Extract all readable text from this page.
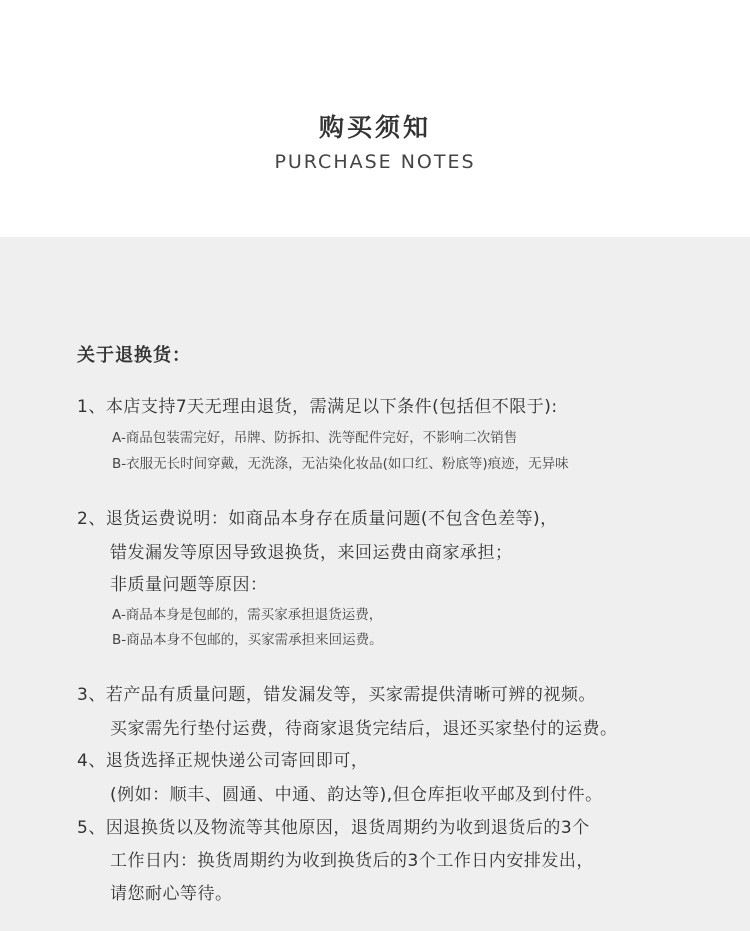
购买须知
PURCHASE NOTES
关于退换货：
1、本店支持7天无理由退货，需满足以下条件(包括但不限于):
A-商品包装需完好，吊牌、防拆扣、洗等配件完好，不影响二次销售
B-衣服无长时间穿戴，无洗涤，无沾染化妆品(如口红、粉底等)痕迹，无异味
2、退货运费说明：如商品本身存在质量问题(不包含色差等)，
错发漏发等原因导致退换货，来回运费由商家承担；
非质量问题等原因：
A-商品本身是包邮的，需买家承担退货运费，
B-商品本身不包邮的，买家需承担来回运费。
3、若产品有质量问题，错发漏发等，买家需提供清晰可辨的视频。
买家需先行垫付运费，待商家退货完结后，退还买家垫付的运费。
4、退货选择正规快递公司寄回即可，
(例如：顺丰、圆通、中通、韵达等),但仓库拒收平邮及到付件。
5、因退换货以及物流等其他原因，退货周期约为收到退货后的3个
工作日内：换货周期约为收到换货后的3个工作日内安排发出，
请您耐心等待。
